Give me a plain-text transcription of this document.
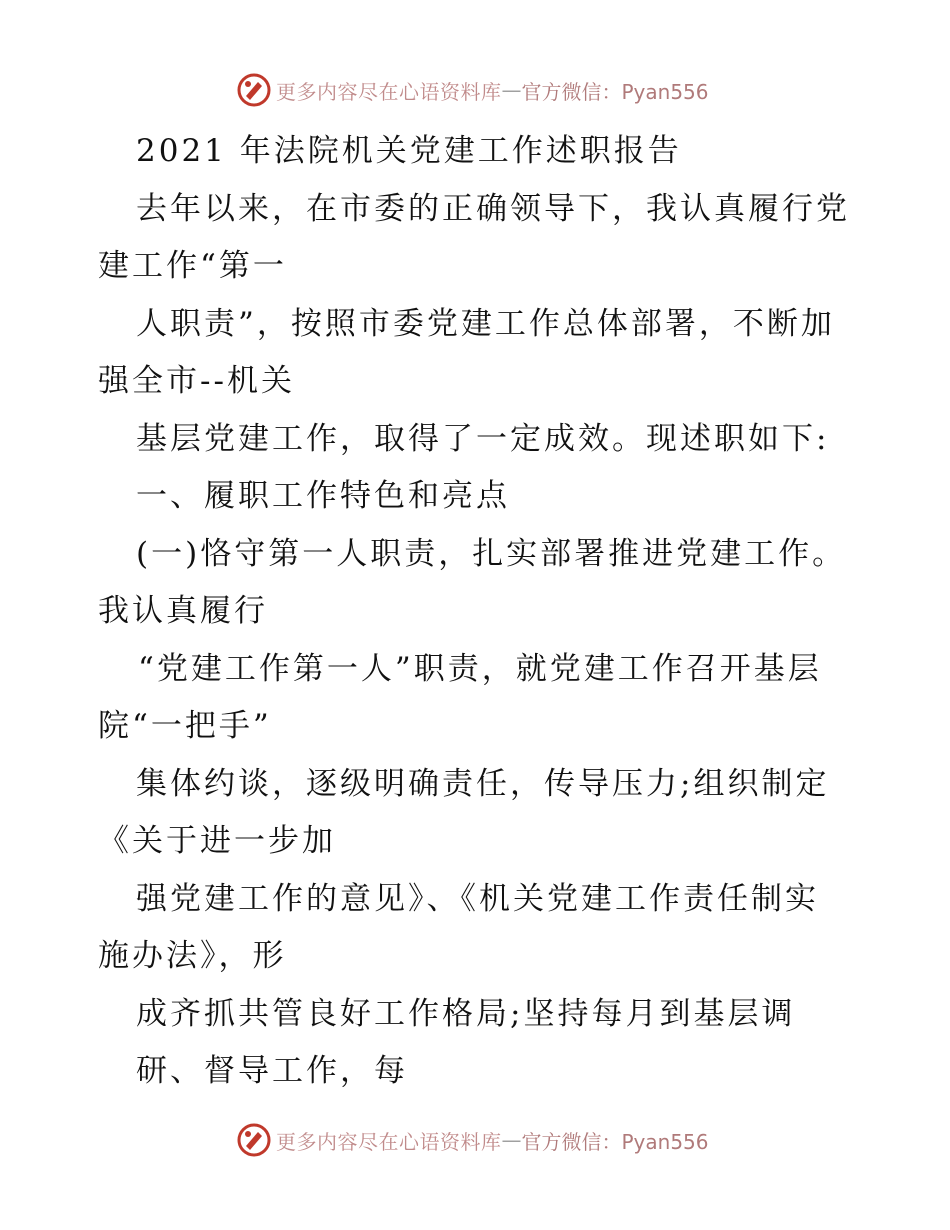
更多内容尽在心语资料库 — 官方微信：Pyan556
2021 年法院机关党建工作述职报告
去年以来，在市委的正确领导下，我认真履行党
建工作“第一
人职责”，按照市委党建工作总体部署，不断加
强全市--机关
基层党建工作，取得了一定成效。现述职如下:
一、履职工作特色和亮点
(一)恪守第一人职责，扎实部署推进党建工作。
我认真履行
“党建工作第一人”职责，就党建工作召开基层
院“一把手”
集体约谈，逐级明确责任，传导压力;组织制定
《关于进一步加
强党建工作的意见》、《机关党建工作责任制实
施办法》，形
成齐抓共管良好工作格局;坚持每月到基层调
研、督导工作，每
更多内容尽在心语资料库 — 官方微信：Pyan556
